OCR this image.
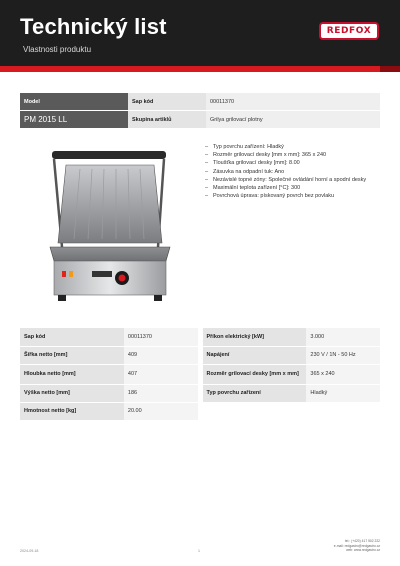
Technický list
Vlastnosti produktu
REDFOX
Model	Sap kód	00011370
PM 2015 LL	Skupina artiklů	Grilya grilovací plotny
– Typ povrchu zařízení: Hladký
– Rozměr grilovací desky [mm x mm]: 365 x 240
– Tloušťka grilovací desky [mm]: 8.00
– Zásuvka na odpadní tuk: Ano
– Nezávislé topné zóny: Společné ovládání horní a spodní desky
– Maximální teplota zařízení [°C]: 300
– Povrchová úprava: pískovaný povrch bez povlaku
Sap kód	00011370		Příkon elektrický [kW]	3.000
Šířka netto [mm]	409		Napájení	230 V / 1N - 50 Hz
Hloubka netto [mm]	407		Rozměr grilovací desky [mm x mm]	365 x 240
Výška netto [mm]	186		Typ povrchu zařízení	Hladký
Hmotnost netto [kg]	20.00			
tel.: (+420) 417 502 222
e-mail: redgastro@redgastro.cz
web: www.redgastro.cz
2024-09-18	1
